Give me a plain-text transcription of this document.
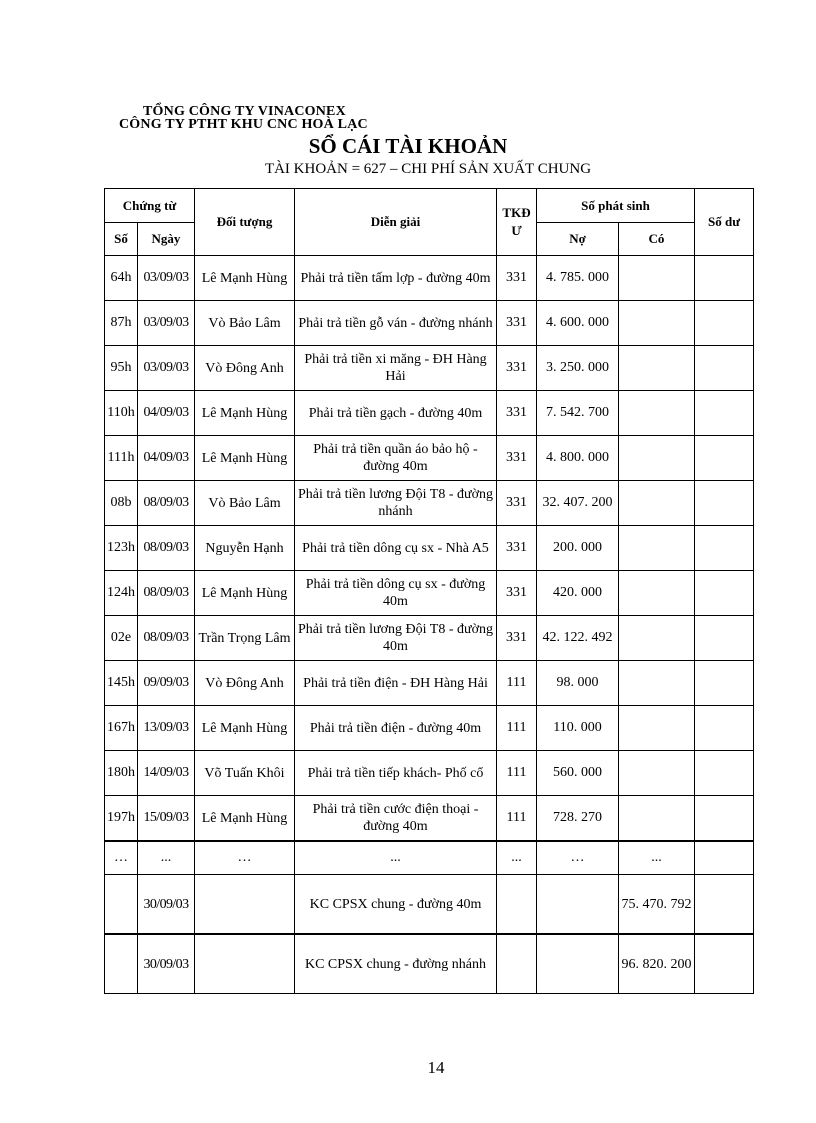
TỔNG CÔNG TY VINACONEX
CÔNG TY PTHT KHU CNC HOÀ LẠC
SỔ CÁI TÀI KHOẢN
TÀI KHOẢN = 627 – CHI PHÍ SẢN XUẤT CHUNG
Chứng từ		Đối tượng	Diễn giải	TKĐ Ư	Số phát sinh		Số dư
Số	Ngày				Nợ	Có	
64h	03/09/03	Lê Mạnh Hùng	Phải trả tiền tấm lợp - đường 40m	331	4. 785. 000		
87h	03/09/03	Vò Bảo Lâm	Phải trả tiền gỗ ván - đường nhánh	331	4. 600. 000		
95h	03/09/03	Vò Đông Anh	Phải trả tiền xi măng - ĐH Hàng Hải	331	3. 250. 000		
110h	04/09/03	Lê Mạnh Hùng	Phải trả tiền gạch - đường 40m	331	7. 542. 700		
111h	04/09/03	Lê Mạnh Hùng	Phải trả tiền quần áo bảo hộ - đường 40m	331	4. 800. 000		
08b	08/09/03	Vò Bảo Lâm	Phải trả tiền lương Đội T8 - đường nhánh	331	32. 407. 200		
123h	08/09/03	Nguyễn Hạnh	Phải trả tiền dông cụ sx - Nhà A5	331	200. 000		
124h	08/09/03	Lê Mạnh Hùng	Phải trả tiền dông cụ sx - đường 40m	331	420. 000		
02e	08/09/03	Trần Trọng Lâm	Phải trả tiền lương Đội T8 - đường 40m	331	42. 122. 492		
145h	09/09/03	Vò Đông Anh	Phải trả tiền điện - ĐH Hàng Hải	111	98. 000		
167h	13/09/03	Lê Mạnh Hùng	Phải trả tiền điện - đường 40m	111	110. 000		
180h	14/09/03	Võ Tuấn Khôi	Phải trả tiền tiếp khách- Phố cổ	111	560. 000		
197h	15/09/03	Lê Mạnh Hùng	Phải trả tiền cước điện thoại - đường 40m	111	728. 270		
…	...	…	...	...	…	...	
	30/09/03		KC CPSX chung - đường 40m			75. 470. 792	
	30/09/03		KC CPSX chung - đường nhánh			96. 820. 200	
14
